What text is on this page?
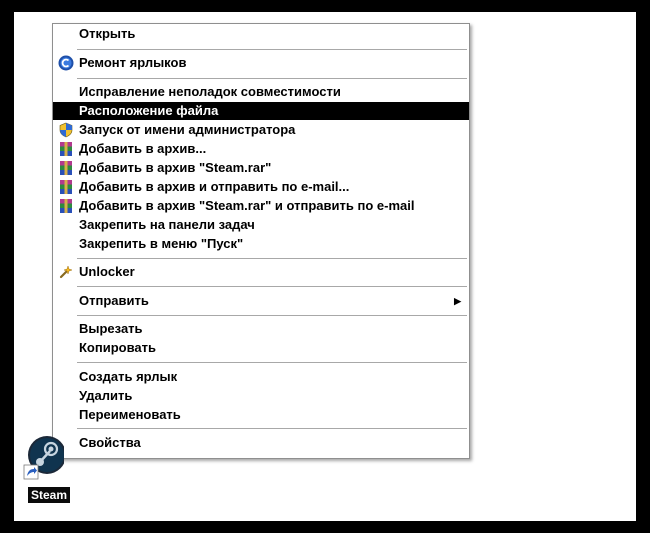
Открыть
Ремонт ярлыков
Исправление неполадок совместимости
Расположение файла
Запуск от имени администратора
Добавить в архив...
Добавить в архив "Steam.rar"
Добавить в архив и отправить по e-mail...
Добавить в архив "Steam.rar" и отправить по e-mail
Закрепить на панели задач
Закрепить в меню "Пуск"
Unlocker
Отправить	▶
Вырезать
Копировать
Создать ярлык
Удалить
Переименовать
Свойства
Steam
